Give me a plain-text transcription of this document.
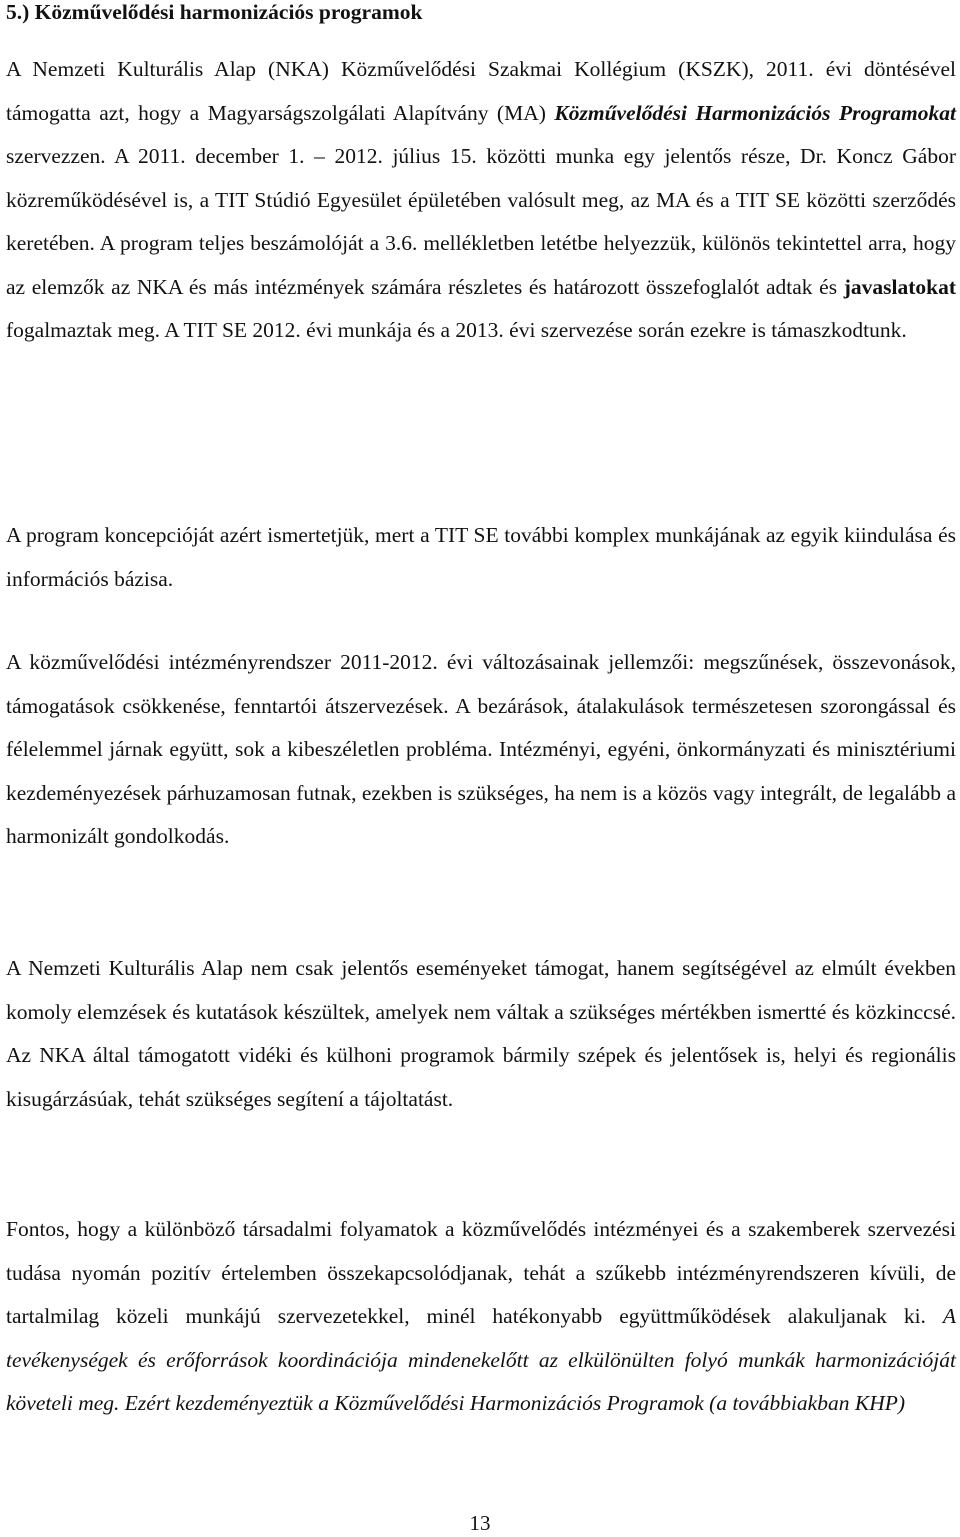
5.) Közművelődési harmonizációs programok

A Nemzeti Kulturális Alap (NKA) Közművelődési Szakmai Kollégium (KSZK), 2011. évi döntésével támogatta azt, hogy a Magyarságszolgálati Alapítvány (MA) Közművelődési Harmonizációs Programokat szervezzen. A 2011. december 1. – 2012. július 15. közötti munka egy jelentős része, Dr. Koncz Gábor közreműködésével is, a TIT Stúdió Egyesület épületében valósult meg, az MA és a TIT SE közötti szerződés keretében. A program teljes beszámolóját a 3.6. mellékletben letétbe helyezzük, különös tekintettel arra, hogy az elemzők az NKA és más intézmények számára részletes és határozott összefoglalót adtak és javaslatokat fogalmaztak meg. A TIT SE 2012. évi munkája és a 2013. évi szervezése során ezekre is támaszkodtunk.

A program koncepcióját azért ismertetjük, mert a TIT SE további komplex munkájának az egyik kiindulása és információs bázisa.

A közművelődési intézményrendszer 2011-2012. évi változásainak jellemzői: megszűnések, összevonások, támogatások csökkenése, fenntartói átszervezések. A bezárások, átalakulások természetesen szorongással és félelemmel járnak együtt, sok a kibeszéletlen probléma. Intézményi, egyéni, önkormányzati és minisztériumi kezdeményezések párhuzamosan futnak, ezekben is szükséges, ha nem is a közös vagy integrált, de legalább a harmonizált gondolkodás.

A Nemzeti Kulturális Alap nem csak jelentős eseményeket támogat, hanem segítségével az elmúlt években komoly elemzések és kutatások készültek, amelyek nem váltak a szükséges mértékben ismertté és közkinccsé. Az NKA által támogatott vidéki és külhoni programok bármily szépek és jelentősek is, helyi és regionális kisugárzásúak, tehát szükséges segítení a tájoltatást.

Fontos, hogy a különböző társadalmi folyamatok a közművelődés intézményei és a szakemberek szervezési tudása nyomán pozitív értelemben összekapcsolódjanak, tehát a szűkebb intézményrendszeren kívüli, de tartalmilag közeli munkájú szervezetekkel, minél hatékonyabb együttműködések alakuljanak ki. A tevékenységek és erőforrások koordinációja mindenekelőtt az elkülönülten folyó munkák harmonizációját követeli meg. Ezért kezdeményeztük a Közművelődési Harmonizációs Programok (a továbbiakban KHP)

13
